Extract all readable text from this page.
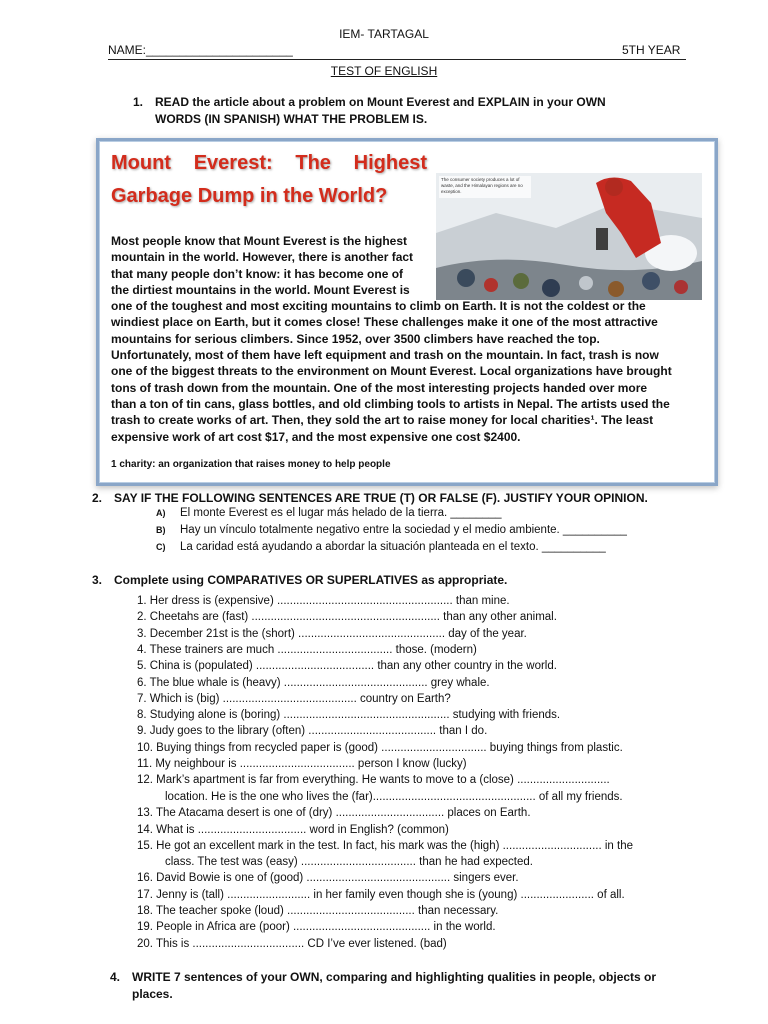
IEM- TARTAGAL
NAME:______________________	5TH YEAR
TEST OF ENGLISH
1. READ the article about a problem on Mount Everest and EXPLAIN in your OWN
WORDS (IN SPANISH) WHAT THE PROBLEM IS.
Mount Everest: The Highest
Garbage Dump in the World?
The consumer society produces a lot of waste, and the Himalayan regions are no exception.
Most people know that Mount Everest is the highest
mountain in the world. However, there is another fact
that many people don’t know: it has become one of
the dirtiest mountains in the world. Mount Everest is
one of the toughest and most exciting mountains to climb on Earth. It is not the coldest or the
windiest place on Earth, but it comes close! These challenges make it one of the most attractive
mountains for serious climbers. Since 1952, over 3500 climbers have reached the top.
Unfortunately, most of them have left equipment and trash on the mountain. In fact, trash is now
one of the biggest threats to the environment on Mount Everest. Local organizations have brought
tons of trash down from the mountain. One of the most interesting projects handed over more
than a ton of tin cans, glass bottles, and old climbing tools to artists in Nepal. The artists used the
trash to create works of art. Then, they sold the art to raise money for local charities¹. The least
expensive work of art cost $17, and the most expensive one cost $2400.
1 charity: an organization that raises money to help people
2. SAY IF THE FOLLOWING SENTENCES ARE TRUE (T) OR FALSE (F). JUSTIFY YOUR OPINION.
A) El monte Everest es el lugar más helado de la tierra. ________
B) Hay un vínculo totalmente negativo entre la sociedad y el medio ambiente. __________
C) La caridad está ayudando a abordar la situación planteada en el texto. __________
3. Complete using COMPARATIVES OR SUPERLATIVES as appropriate.
1. Her dress is (expensive) ....................................................... than mine.
2. Cheetahs are (fast) ........................................................... than any other animal.
3. December 21st is the (short) .............................................. day of the year.
4. These trainers are much .................................... those. (modern)
5. China is (populated) ..................................... than any other country in the world.
6. The blue whale is (heavy) ............................................. grey whale.
7. Which is (big) .......................................... country on Earth?
8. Studying alone is (boring) .................................................... studying with friends.
9. Judy goes to the library (often) ........................................ than I do.
10. Buying things from recycled paper is (good) ................................. buying things from plastic.
11. My neighbour is .................................... person I know (lucky)
12. Mark’s apartment is far from everything. He wants to move to a (close) .............................
location. He is the one who lives the (far)................................................... of all my friends.
13. The Atacama desert is one of (dry) .................................. places on Earth.
14. What is .................................. word in English? (common)
15. He got an excellent mark in the test. In fact, his mark was the (high) ............................... in the
class. The test was (easy) .................................... than he had expected.
16. David Bowie is one of (good) ............................................. singers ever.
17. Jenny is (tall) .......................... in her family even though she is (young) ....................... of all.
18. The teacher spoke (loud) ........................................ than necessary.
19. People in Africa are (poor) ........................................... in the world.
20. This is ................................... CD I’ve ever listened. (bad)
4. WRITE 7 sentences of your OWN, comparing and highlighting qualities in people, objects or
places.
